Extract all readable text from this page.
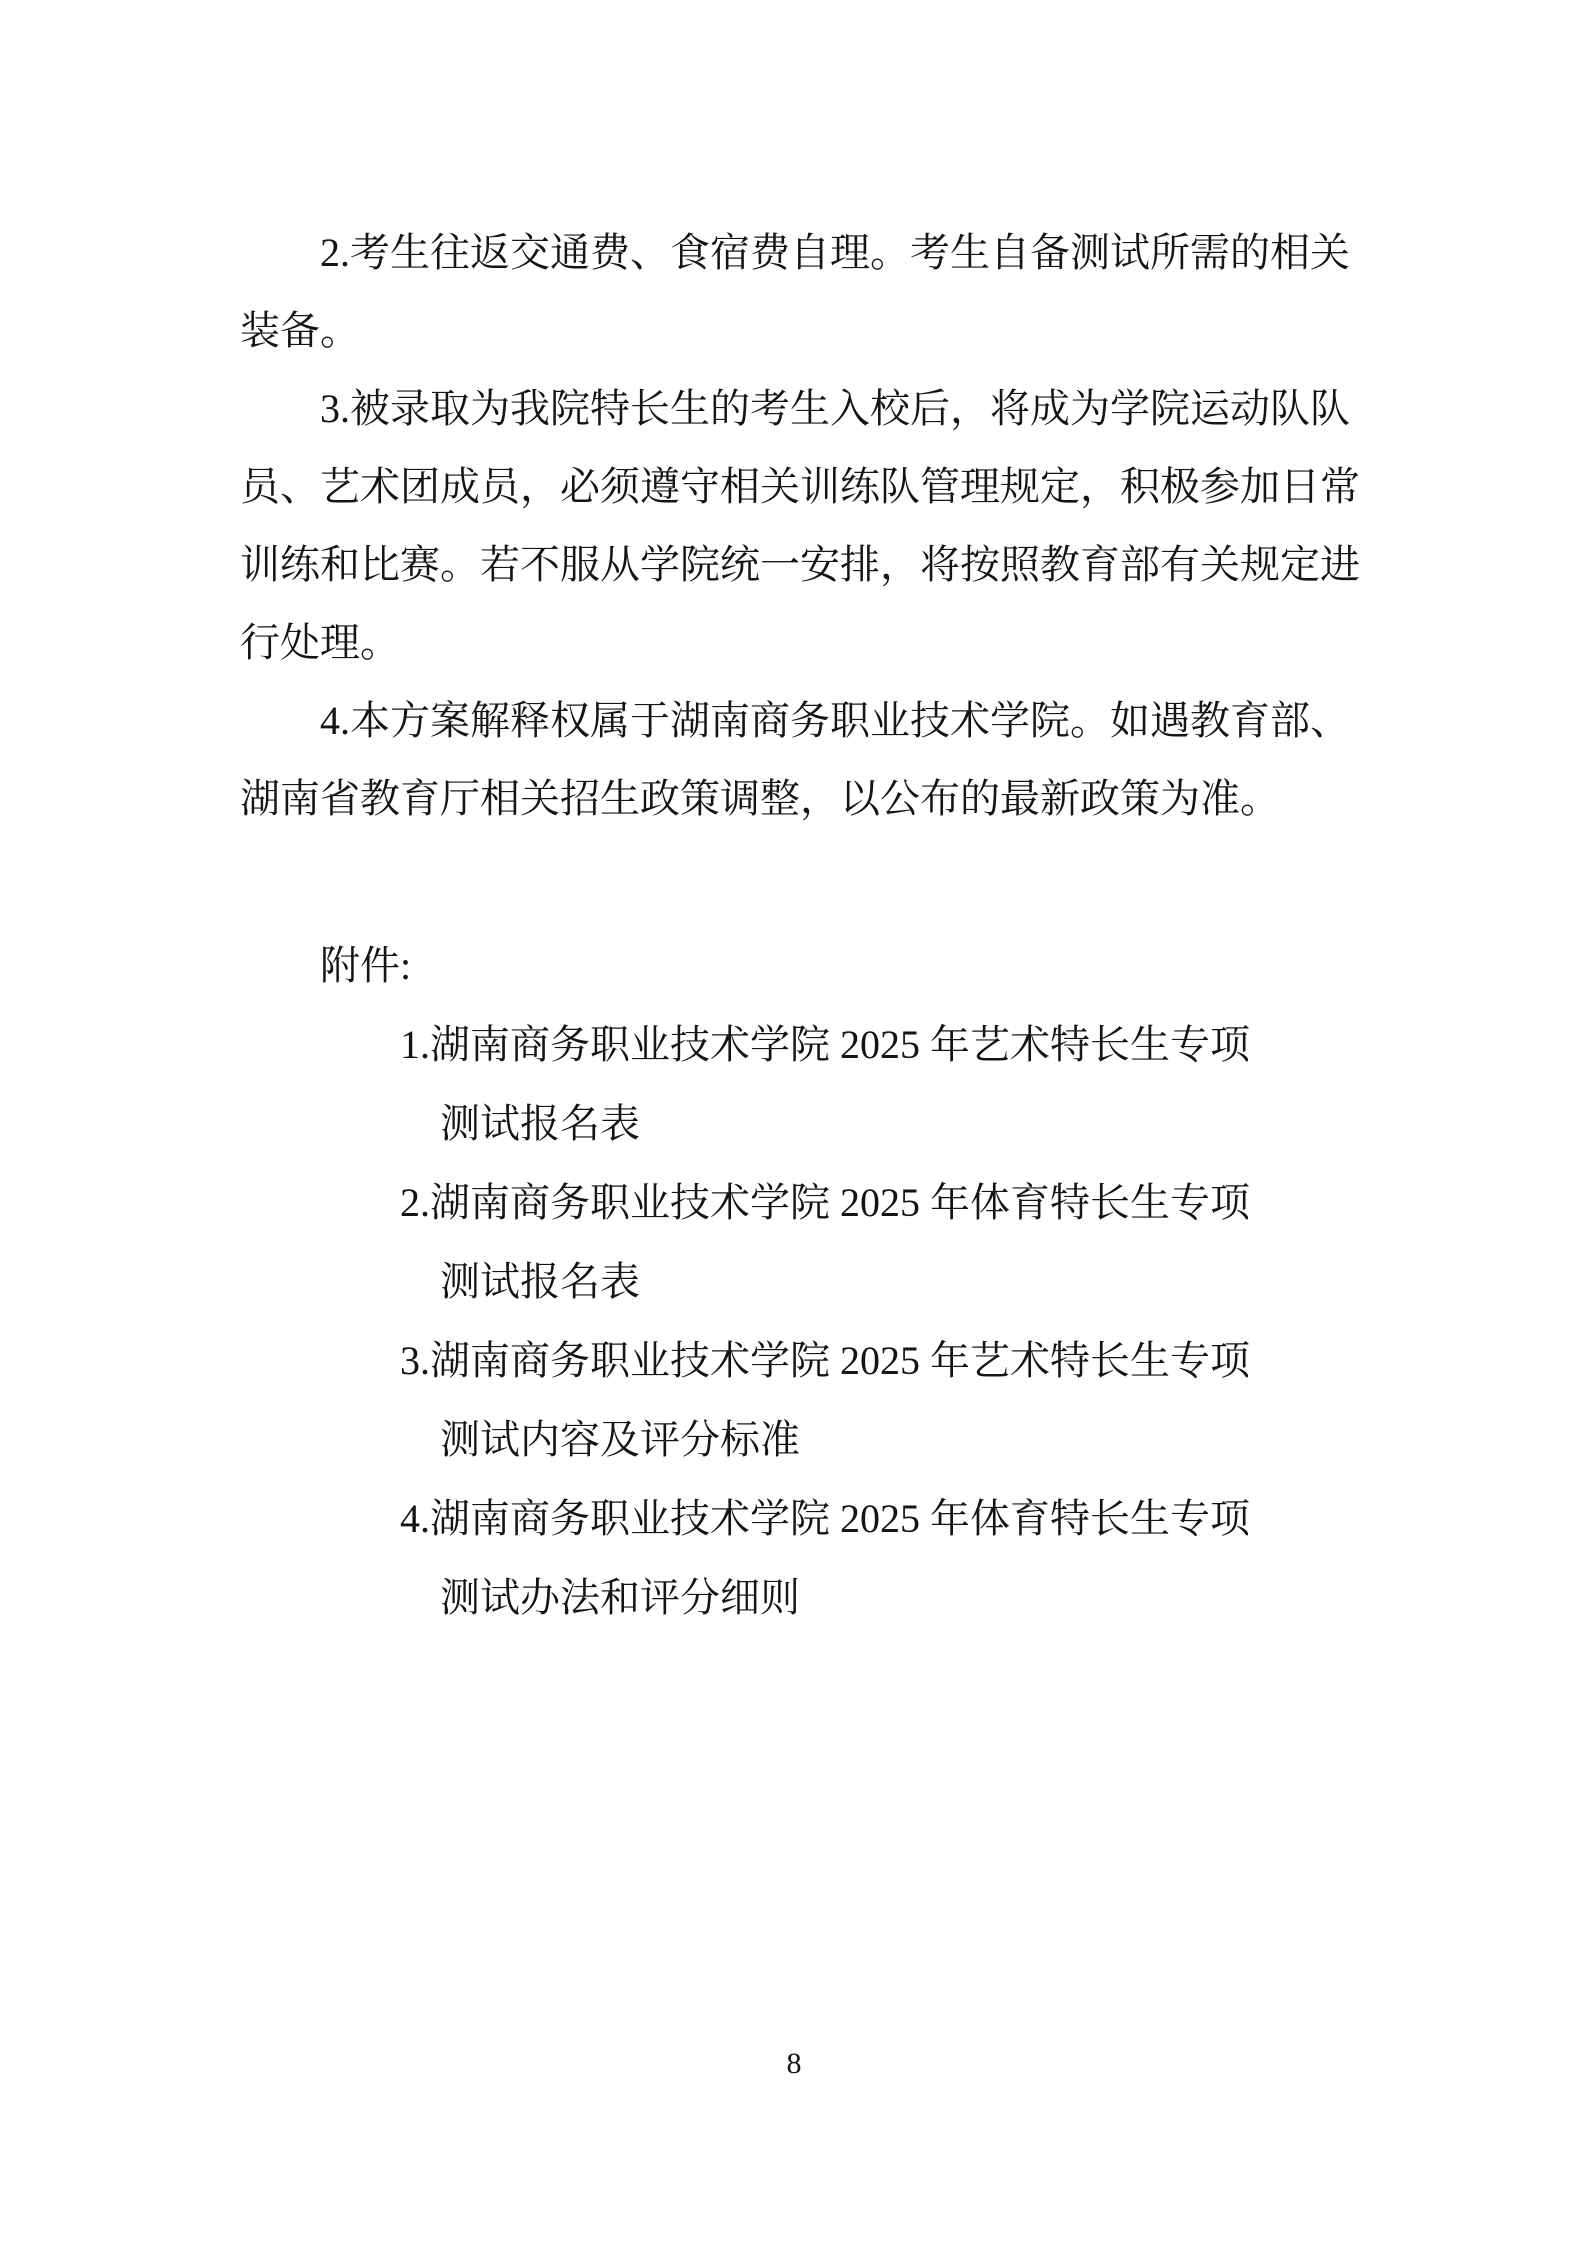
2.考生往返交通费、食宿费自理。考生自备测试所需的相关

装备。

3.被录取为我院特长生的考生入校后，将成为学院运动队队

员、艺术团成员，必须遵守相关训练队管理规定，积极参加日常

训练和比赛。若不服从学院统一安排，将按照教育部有关规定进

行处理。

4.本方案解释权属于湖南商务职业技术学院。如遇教育部、

湖南省教育厅相关招生政策调整，以公布的最新政策为准。

附件:

1.湖南商务职业技术学院 2025 年艺术特长生专项

测试报名表

2.湖南商务职业技术学院 2025 年体育特长生专项

测试报名表

3.湖南商务职业技术学院 2025 年艺术特长生专项

测试内容及评分标准

4.湖南商务职业技术学院 2025 年体育特长生专项

测试办法和评分细则

8
